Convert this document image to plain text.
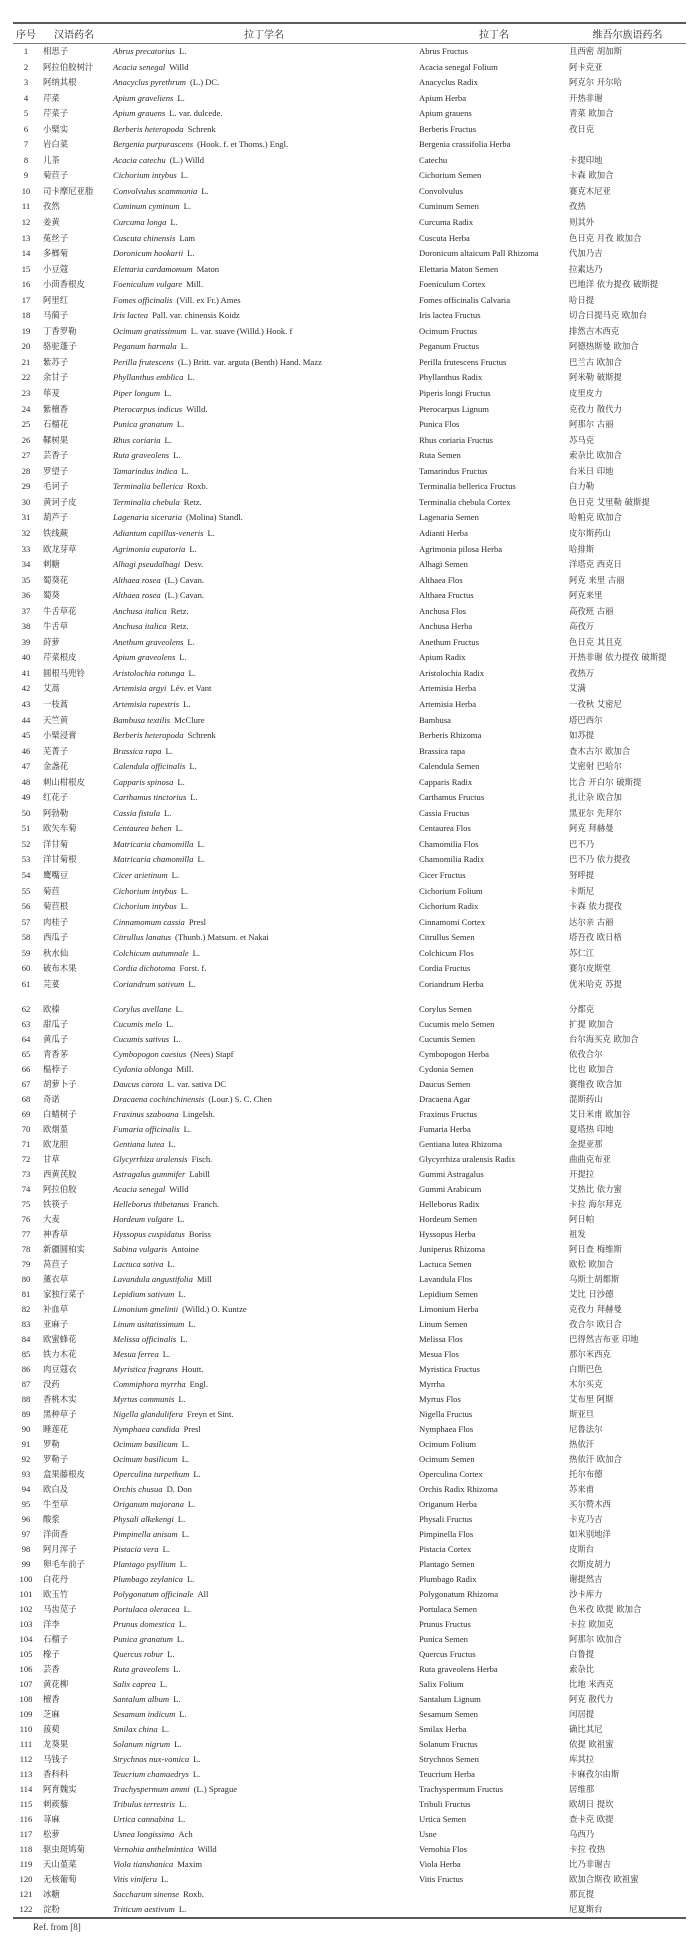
序号	汉语药名	拉丁学名	拉丁名	维吾尔族语药名
1	相思子	Abrus precatorius L.	Abrus Fructus	且西密 胡加斯
2	阿拉伯胶树汁	Acacia senegal Willd	Acacia senegal Folium	阿卡克亚
3	阿纳其根	Anacyclus pyrethrum (L.) DC.	Anacyclus Radix	阿克尔 开尔哈
4	芹菜	Apium graveliens L.	Apium Herba	开热非谢
5	芹菜子	Apium grauens L. var. dulcede.	Apium grauens	青菜 欧加合
6	小檗实	Berberis heteropoda Schrenk	Berberis Fructus	孜日克
7	岩白菜	Bergenia purpurascens (Hook. f. et Thoms.) Engl.	Bergenia crassifolia Herba	
8	儿茶	Acacia catechu (L.) Willd	Catechu	卡提印地
9	菊苣子	Cichorium intybus L.	Cichorium Semen	卡森 欧加合
10	司卡摩尼亚脂	Convolvulus scammonia L.	Convolvulus	赛克木尼亚
11	孜然	Cuminum cyminum L.	Cuminum Semen	孜热
12	姜黄	Curcuma longa L.	Curcuma Radix	则其外
13	菟丝子	Cuscuta chinensis Lam	Cuscuta Herba	色日克 月孜 欧加合
14	多榔菊	Doronicum hookarii L.	Doronicum altaicum Pall Rhizoma	代加乃吉
15	小豆蔻	Elettaria cardamomum Maton	Elettaria Maton Semen	拉素达乃
16	小茴香根皮	Foeniculum vulgare Mill.	Foeniculum Cortex	巴地洋 依力提孜 破斯提
17	阿里红	Fomes officinalis (Vill. ex Fr.) Ames	Fomes officinalis Calvaria	哈日提
18	马蔺子	Iris lactea Pall. var. chinensis Koidz	Iris lactea Fructus	切合日提马克 欧加台
19	丁香罗勒	Ocimum gratissimum L. var. suave (Willd.) Hook. f	Ocimum Fructus	排然吉木西克
20	骆驼蓬子	Peganum harmala L.	Peganum Fructus	阿德热斯曼 欧加合
21	紫苏子	Perilla frutescens (L.) Britt. var. arguta (Benth) Hand. Mazz	Perilla frutescens Fructus	巴兰古 欧加合
22	余甘子	Phyllanthus emblica L.	Phyllanthus Radix	阿米勒 破斯提
23	荜茇	Piper longum L.	Piperis longi Fructus	皮里皮力
24	紫檀香	Pterocarpus indicus Willd.	Pterocarpus Lignum	克孜力 散代力
25	石榴花	Punica granatum L.	Punica Flos	阿那尔 古丽
26	鞣树果	Rhus coriaria L.	Rhus coriaria Fructus	苏马克
27	芸香子	Ruta graveolens L.	Ruta Semen	索杂比 欧加合
28	罗望子	Tamarindus indica L.	Tamarindus Fructus	台米日 印地
29	毛诃子	Terminalia bellerica Roxb.	Terminalia bellerica Fructus	白力勒
30	黄诃子皮	Terminalia chebula Retz.	Terminalia chebula Cortex	色日克 艾里勒 破斯提
31	葫芦子	Lagenaria siceraria (Molina) Standl.	Lagenaria Semen	哈帕克 欧加合
32	铁线蕨	Adiantum capillus-veneris L.	Adianti Herba	皮尔斯药山
33	欧龙芽草	Agrimonia eupatoria L.	Agrimonia pilosa Herba	哈排斯
34	刺糖	Alhagi pseudalhagi Desv.	Alhagi Semen	洋塔克 西克日
35	蜀葵花	Althaea rosea (L.) Cavan.	Althaea Flos	阿克 来里 古丽
36	蜀葵	Althaea rosea (L.) Cavan.	Althaea Fructus	阿克来里
37	牛舌草花	Anchusa italica Retz.	Anchusa Flos	高孜班 古丽
38	牛舌草	Anchusa italica Retz.	Anchusa Herba	高孜万
39	莳萝	Anethum graveolens L.	Anethum Fructus	色日克 其且克
40	芹菜根皮	Apium graveolens L.	Apium Radix	开热非谢 依力提孜 破斯提
41	圆根马兜铃	Aristolochia rotunga L.	Aristolochia Radix	孜热万
42	艾蒿	Artemisia argyi Lév. et Vant	Artemisia Herba	艾满
43	一枝蒿	Artemisia rupestris L.	Artemisia Herba	一孜秋 艾密尼
44	天竺黄	Bambusa textilis McClure	Bambusa	塔巴西尔
45	小檗浸膏	Berberis heteropoda Schrenk	Berberis Rhizoma	如苏提
46	芜菁子	Brassica rapa L.	Brassica rapa	查木古尔 欧加合
47	金盏花	Calendula officinalis L.	Calendula Semen	艾密射 巴哈尔
48	刺山柑根皮	Capparis spinosa L.	Capparis Radix	比合 开白尔 破斯提
49	红花子	Carthamus tinctorius L.	Carthamus Fructus	扎让杂 欧合加
50	阿勃勒	Cassia fistula L.	Cassia Fructus	黑亚尔 先拜尔
51	欧矢车菊	Centaurea behen L.	Centaurea Flos	阿克 拜赫曼
52	洋甘菊	Matricaria chamomilla L.	Chamomilia Flos	巴不乃
53	洋甘菊根	Matricaria chamomilla L.	Chamomilia Radix	巴不乃 依力提孜
54	鹰嘴豆	Cicer arietinum L.	Cicer Fructus	努呼提
55	菊苣	Cichorium intybus L.	Cichorium Folium	卡斯尼
56	菊苣根	Cichorium intybus L.	Cichorium Radix	卡森 依力提孜
57	肉桂子	Cinnamomum cassia Presl	Cinnamomi Cortex	达尔亲 古丽
58	西瓜子	Citrullus lanatus (Thunb.) Matsum. et Nakai	Citrullus Semen	塔吾孜 欧日格
59	秋水仙	Colchicum autumnale L.	Colchicum Flos	苏仁江
60	破布木果	Cordia dichotoma Forst. f.	Cordia Fructus	赛尔皮斯堂
61	芫荽	Coriandrum sativum L.	Coriandrum Herba	优米哈克 苏提

62	欧榛	Corylus avellane L.	Corylus Semen	分都克
63	甜瓜子	Cucumis melo L.	Cucumis melo Semen	扩提 欧加合
64	黄瓜子	Cucumis sativus L.	Cucumis Semen	台尔海买克 欧加合
65	青香茅	Cymbopogon caesius (Nees) Stapf	Cymbopogon Herba	依孜合尔
66	榅桲子	Cydonia oblonga Mill.	Cydonia Semen	比也 欧加合
67	胡萝卜子	Daucus carota L. var. sativa DC	Daucus Semen	赛维孜 欧合加
68	奇诺	Dracaena cochinchinensis (Lour.) S. C. Chen	Dracaena Agar	混斯药山
69	白蜡树子	Fraxinus szaboana Lingelsh.	Fraxinus Fructus	艾日米甫 欧加谷
70	欧烟堇	Fumaria officinalis L.	Fumaria Herba	夏塔热 印地
71	欧龙胆	Gentiana lutea L.	Gentiana lutea Rhizoma	金提亚那
72	甘草	Glycyrrhiza uralensis Fisch.	Glycyrrhiza uralensis Radix	曲曲克布亚
73	西黄芪胶	Astragalus gummifer Labill	Gummi Astragalus	开提拉
74	阿拉伯胶	Acacia senegal Willd	Gummi Arabicum	艾热比 依力蜜
75	铁筷子	Helleborus thibetanus Franch.	Helleborus Radix	卡拉 海尔拜克
76	大麦	Hordeum vulgare L.	Hordeum Semen	阿日帕
77	神香草	Hyssopus cuspidatus Boriss	Hyssopus Herba	祖发
78	新疆圆柏实	Sabina vulgaris Antoine	Juniperus Rhizoma	阿日查 梅维斯
79	莴苣子	Lactuca sativa L.	Lactuca Semen	欧松 欧加合
80	薰衣草	Lavandula angustifolia Mill	Lavandula Flos	乌斯土胡都斯
81	家独行菜子	Lepidium sativum L.	Lepidium Semen	艾比 日沙德
82	补血草	Limonium gmelinii (Willd.) O. Kuntze	Limonium Herba	克孜力 拜赫曼
83	亚麻子	Linum usitatissimum L.	Linum Semen	孜合尔 欧日合
84	欧蜜蜂花	Melissa officinalis L.	Melissa Flos	巴得然吉布亚 印地
85	铁力木花	Mesua ferrea L.	Mesua Flos	那尔米西克
86	肉豆蔻衣	Myristica fragrans Houtt.	Myristica Fructus	白斯巴色
87	没药	Commiphora myrrha Engl.	Myrrha	木尔买克
88	香桃木实	Myrtus communis L.	Myrtus Flos	艾布里 阿斯
89	黑种草子	Nigella glandulifera Freyn et Sint.	Nigella Fructus	斯亚旦
90	睡莲花	Nymphaea candida Presl	Nymphaea Flos	尼鲁法尔
91	罗勒	Ocimum basilicum L.	Ocimum Folium	热依汗
92	罗勒子	Ocimum basilicum L.	Ocimum Semen	热依汗 欧加合
93	盒果藤根皮	Operculina turpethum L.	Operculina Cortex	托尔布德
94	欧白及	Orchis chusua D. Don	Orchis Radix Rhizoma	苏来甫
95	牛至草	Origanum majorana L.	Origanum Herba	买尔赞木西
96	酸浆	Physali alkekengi L.	Physali Fructus	卡克乃吉
97	洋茴香	Pimpinella anisum L.	Pimpinella Flos	如米别地洋
98	阿月浑子	Pistacia vera L.	Pistacia Cortex	皮斯台
99	卵毛车前子	Plantago psyllium L.	Plantago Semen	衣斯皮胡力
100	白花丹	Plumbago zeylanica L.	Plumbago Radix	谢提然吉
101	欧玉竹	Polygonatum officinale All	Polygonatum Rhizoma	沙卡库力
102	马齿苋子	Portulaca oleracea L.	Portulaca Semen	色米孜 欧提 欧加合
103	洋李	Prunus domestica L.	Prunus Fructus	卡拉 欧加克
104	石榴子	Punica granatum L.	Punica Semen	阿那尔 欧加合
105	橡子	Quercus robur L.	Quercus Fructus	白鲁提
106	芸香	Ruta graveolens L.	Ruta graveolens Herba	索杂比
107	黄花柳	Salix caprea L.	Salix Folium	比地 米西克
108	檀香	Santalum album L.	Santalum Lignum	阿克 散代力
109	芝麻	Sesamum indicum L.	Sesamum Semen	闰居提
110	菝葜	Smilax china L.	Smilax Herba	确比其尼
111	龙葵果	Solanum nigrum L.	Solanum Fructus	依提 欧祖蜜
112	马钱子	Strychnos nux-vomica L.	Strychnos Semen	库其拉
113	香科科	Teucrium chamaedrys L.	Teucrium Herba	卡麻孜尔由斯
114	阿育魏实	Trachyspermum ammi (L.) Sprague	Trachyspermum Fructus	居维那
115	刺蒺藜	Tribulus terrestris L.	Tribuli Fructus	欧胡日 提坎
116	荨麻	Urtica cannabina L.	Urtica Semen	查卡克 欧提
117	松萝	Usnea longissima Ach	Usne	乌西乃
118	驱虫斑鸠菊	Vernohia anthelmintica Willd	Vernohia Flos	卡拉 孜热
119	天山堇菜	Viola tianshanica Maxim	Viola Herba	比乃非谢吉
120	无核葡萄	Vitis vinifera L.	Vitis Fructus	欧加合斯孜 欧祖蜜
121	冰糖	Saccharum sinense Roxb.		那瓦提
122	淀粉	Triticum aestivum L.		尼夏斯台
Ref. from [8]
